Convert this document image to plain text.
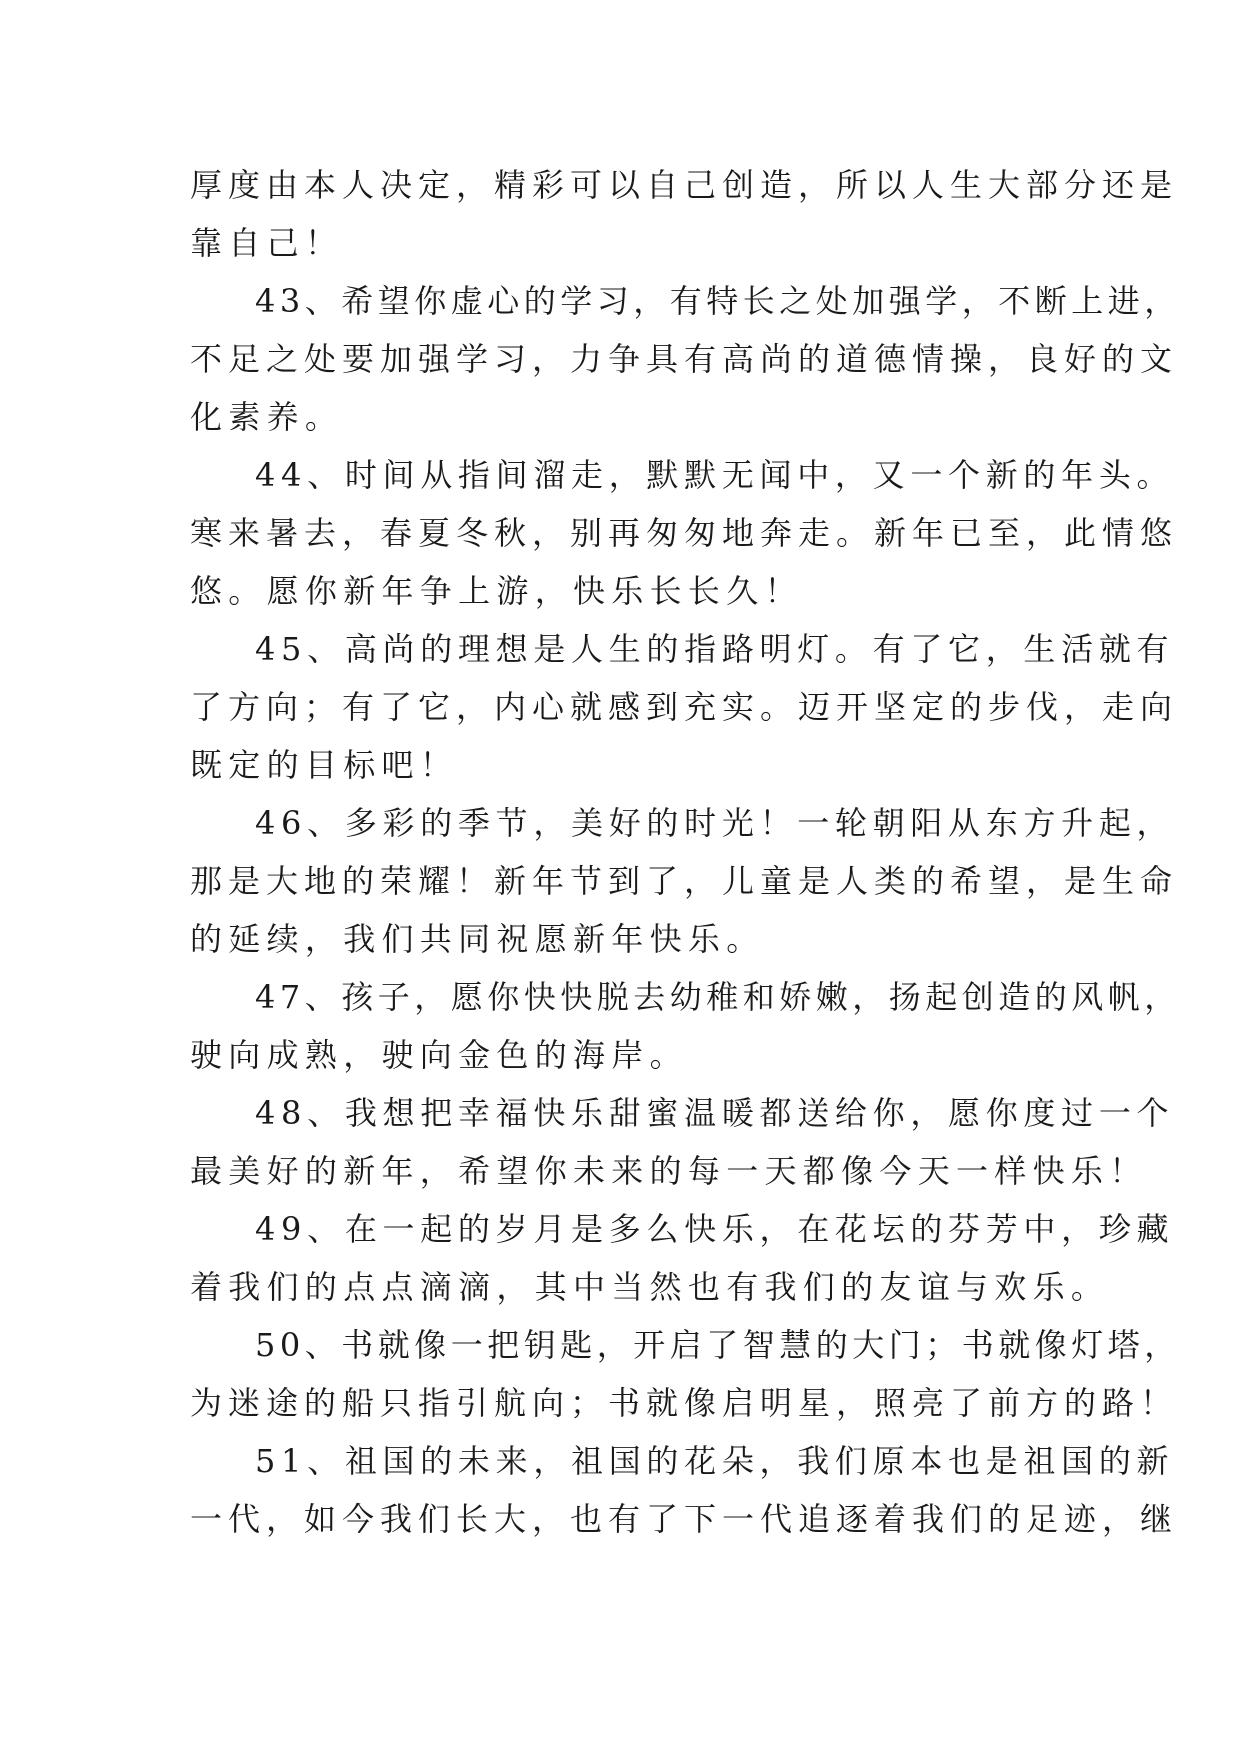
厚度由本人决定，精彩可以自己创造，所以人生大部分还是
靠自己！
43、希望你虚心的学习，有特长之处加强学，不断上进，
不足之处要加强学习，力争具有高尚的道德情操，良好的文
化素养。
44、时间从指间溜走，默默无闻中，又一个新的年头。
寒来暑去，春夏冬秋，别再匆匆地奔走。新年已至，此情悠
悠。愿你新年争上游，快乐长长久！
45、高尚的理想是人生的指路明灯。有了它，生活就有
了方向；有了它，内心就感到充实。迈开坚定的步伐，走向
既定的目标吧！
46、多彩的季节，美好的时光！一轮朝阳从东方升起，
那是大地的荣耀！新年节到了，儿童是人类的希望，是生命
的延续，我们共同祝愿新年快乐。
47、孩子，愿你快快脱去幼稚和娇嫩，扬起创造的风帆，
驶向成熟，驶向金色的海岸。
48、我想把幸福快乐甜蜜温暖都送给你，愿你度过一个
最美好的新年，希望你未来的每一天都像今天一样快乐！
49、在一起的岁月是多么快乐，在花坛的芬芳中，珍藏
着我们的点点滴滴，其中当然也有我们的友谊与欢乐。
50、书就像一把钥匙，开启了智慧的大门；书就像灯塔，
为迷途的船只指引航向；书就像启明星，照亮了前方的路！
51、祖国的未来，祖国的花朵，我们原本也是祖国的新
一代，如今我们长大，也有了下一代追逐着我们的足迹，继
